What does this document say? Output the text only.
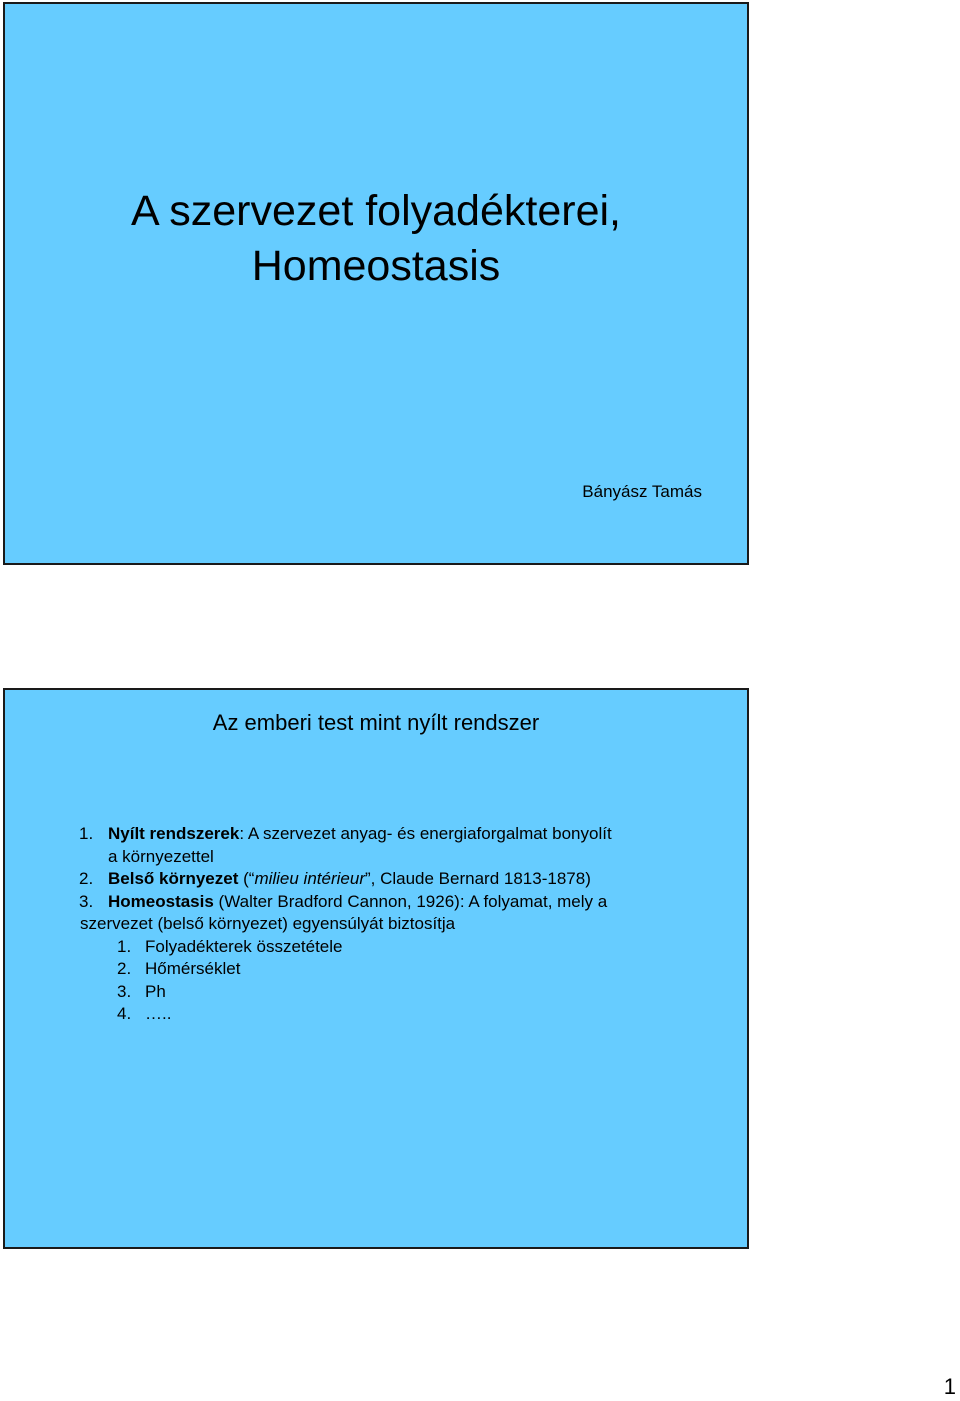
A szervezet folyadékterei,
Homeostasis
Bányász Tamás
Az emberi test mint nyílt rendszer
1. Nyílt rendszerek: A szervezet anyag- és energiaforgalmat bonyolít
a környezettel
2. Belső környezet (“milieu intérieur”, Claude Bernard 1813-1878)
3. Homeostasis (Walter Bradford Cannon, 1926): A folyamat, mely a
szervezet (belső környezet) egyensúlyát biztosítja
1. Folyadékterek összetétele
2. Hőmérséklet
3. Ph
4. …..
1
